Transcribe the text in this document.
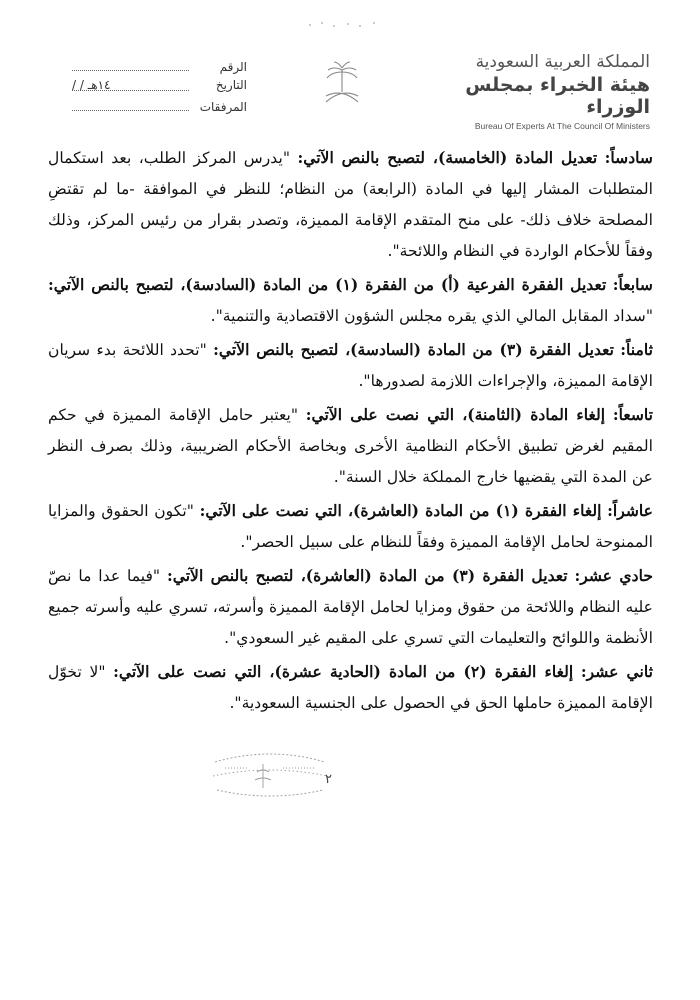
المملكة العربية السعودية
هيئة الخبراء بمجلس الوزراء
Bureau Of Experts At The Council Of Ministers
الرقم
التاريخ
/ / ١٤هـ
المرفقات

سادساً: تعديل المادة (الخامسة)، لتصبح بالنص الآتي: "يدرس المركز الطلب، بعد استكمال المتطلبات المشار إليها في المادة (الرابعة) من النظام؛ للنظر في الموافقة -ما لم تقتضِ المصلحة خلاف ذلك- على منح المتقدم الإقامة المميزة، وتصدر بقرار من رئيس المركز، وذلك وفقاً للأحكام الواردة في النظام واللائحة".

سابعاً: تعديل الفقرة الفرعية (أ) من الفقرة (١) من المادة (السادسة)، لتصبح بالنص الآتي: "سداد المقابل المالي الذي يقره مجلس الشؤون الاقتصادية والتنمية".

ثامناً: تعديل الفقرة (٣) من المادة (السادسة)، لتصبح بالنص الآتي: "تحدد اللائحة بدء سريان الإقامة المميزة، والإجراءات اللازمة لصدورها".

تاسعاً: إلغاء المادة (الثامنة)، التي نصت على الآتي: "يعتبر حامل الإقامة المميزة في حكم المقيم لغرض تطبيق الأحكام النظامية الأخرى وبخاصة الأحكام الضريبية، وذلك بصرف النظر عن المدة التي يقضيها خارج المملكة خلال السنة".

عاشراً: إلغاء الفقرة (١) من المادة (العاشرة)، التي نصت على الآتي: "تكون الحقوق والمزايا الممنوحة لحامل الإقامة المميزة وفقاً للنظام على سبيل الحصر".

حادي عشر: تعديل الفقرة (٣) من المادة (العاشرة)، لتصبح بالنص الآتي: "فيما عدا ما نصّ عليه النظام واللائحة من حقوق ومزايا لحامل الإقامة المميزة وأسرته، تسري عليه وأسرته جميع الأنظمة واللوائح والتعليمات التي تسري على المقيم غير السعودي".

ثاني عشر: إلغاء الفقرة (٢) من المادة (الحادية عشرة)، التي نصت على الآتي: "لا تخوّل الإقامة المميزة حاملها الحق في الحصول على الجنسية السعودية".

٢
